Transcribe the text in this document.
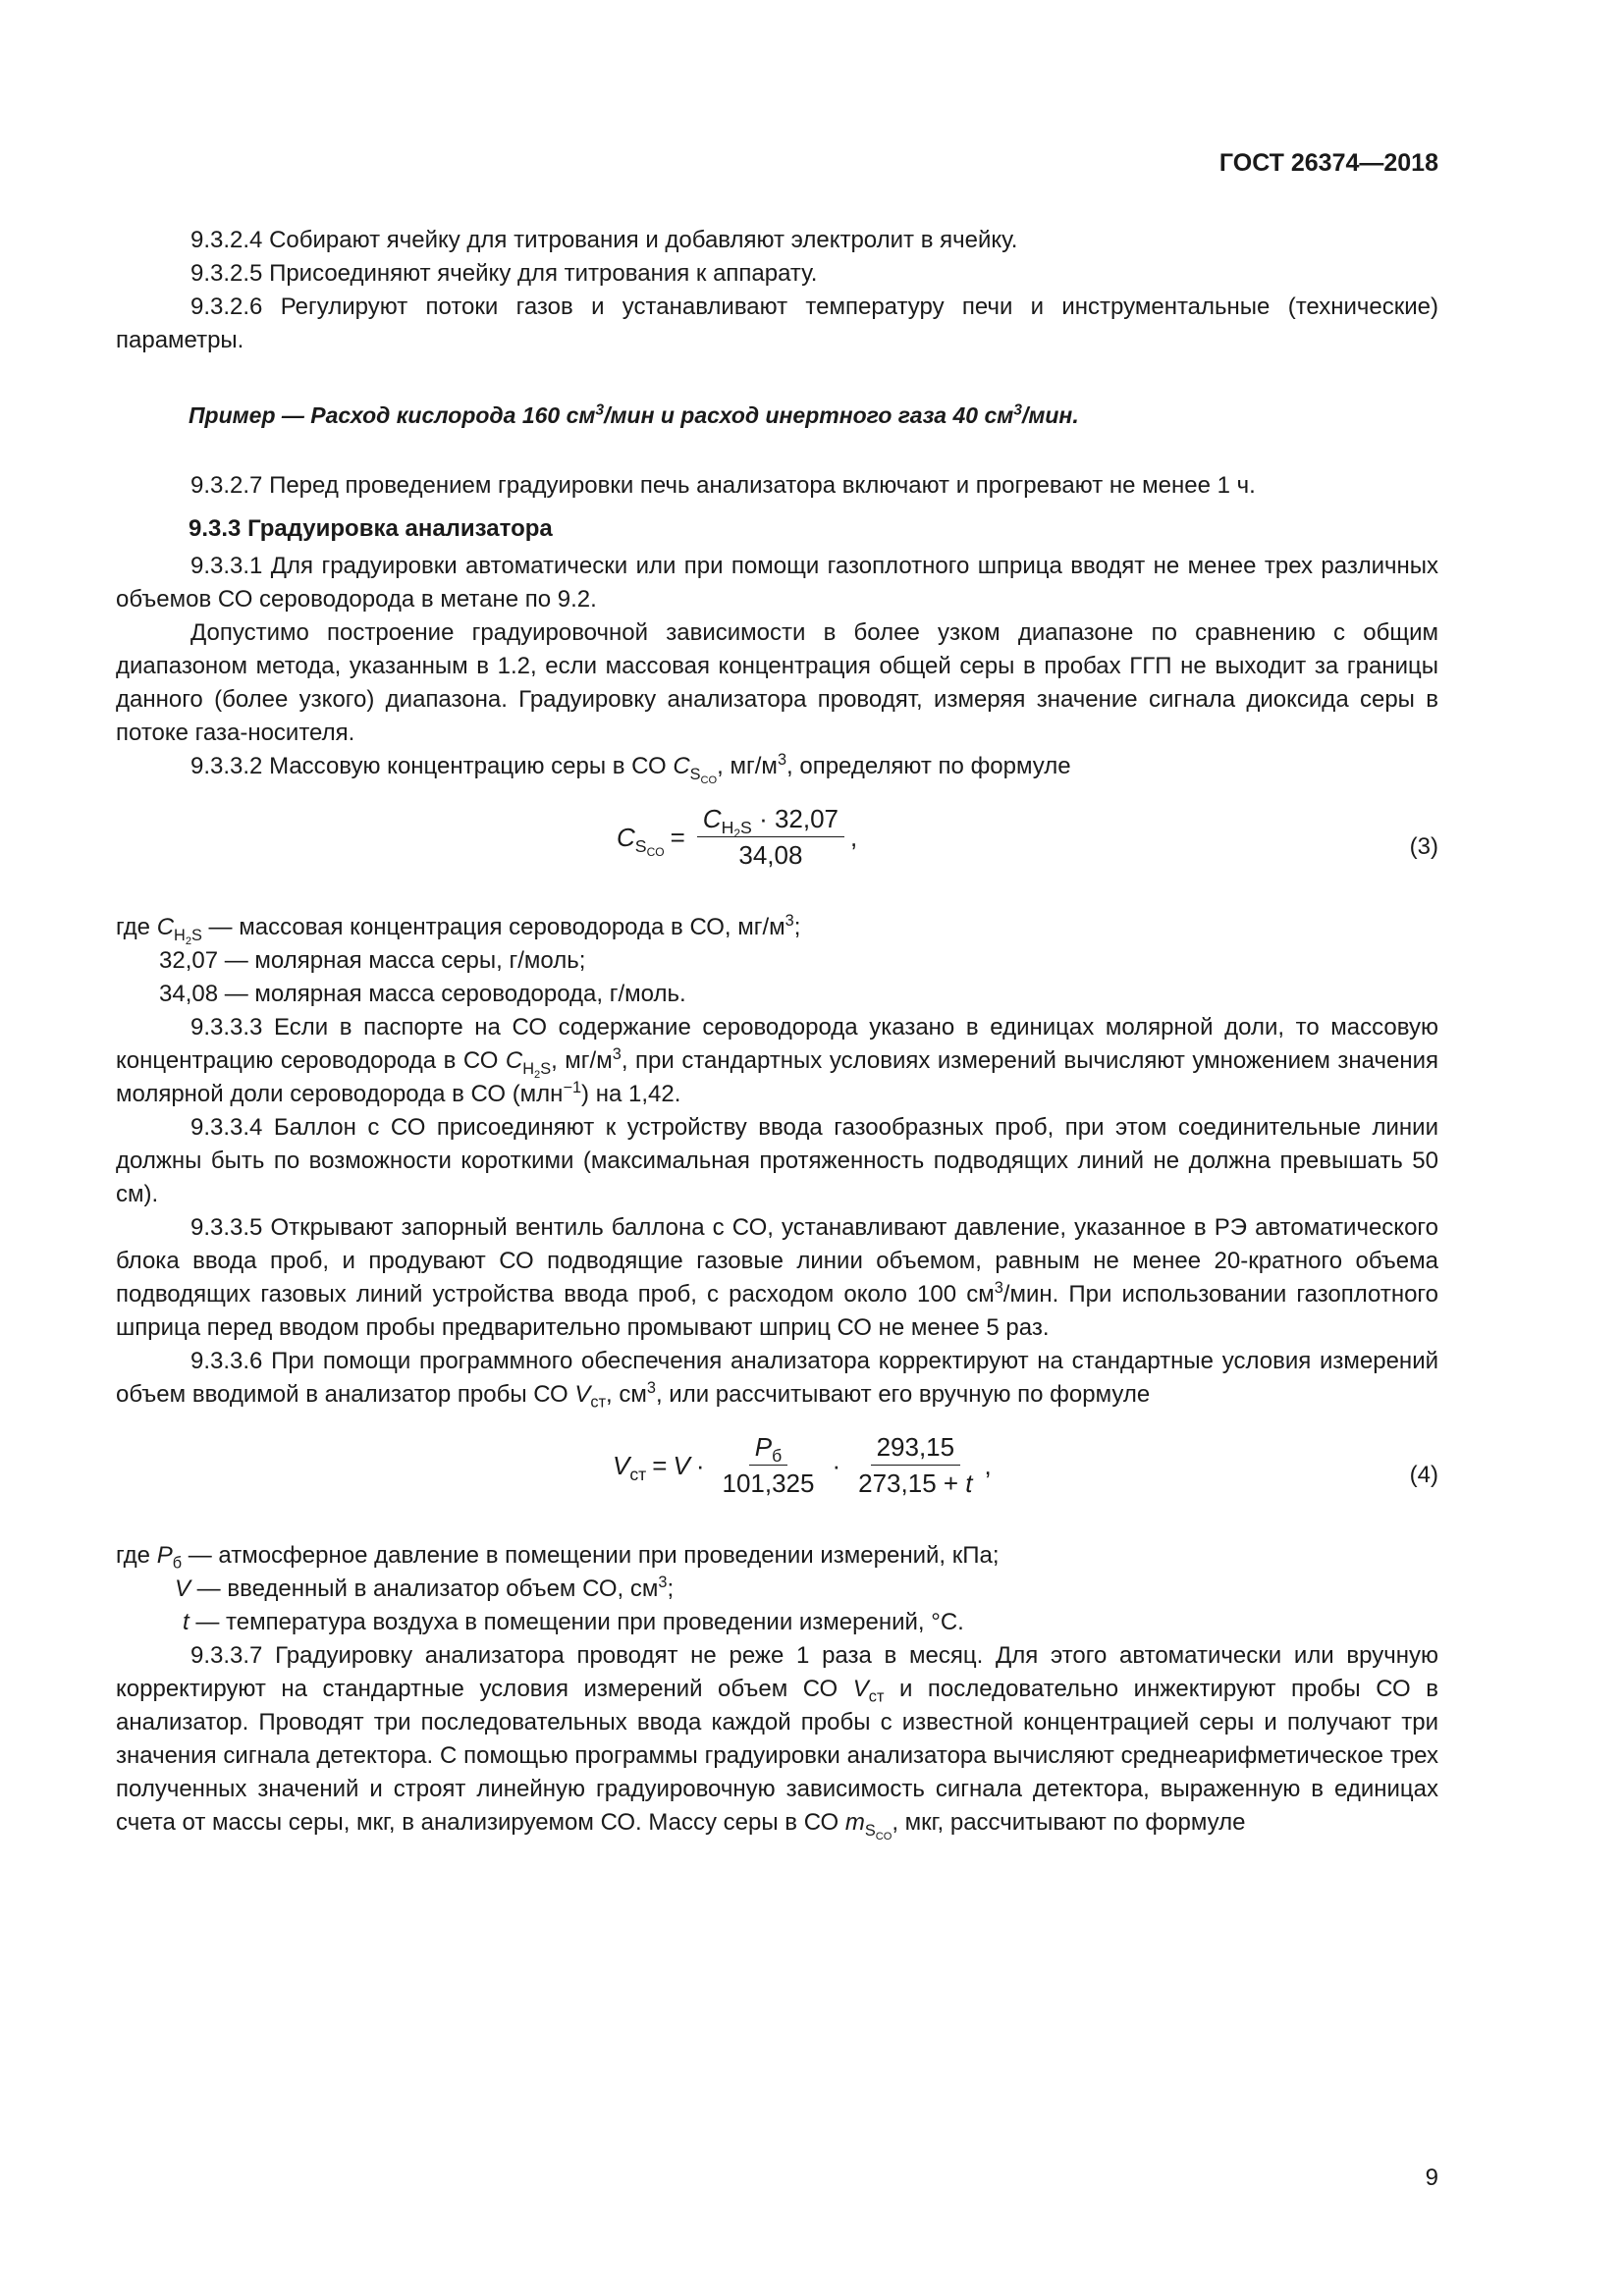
ГОСТ 26374—2018

9.3.2.4 Собирают ячейку для титрования и добавляют электролит в ячейку.

9.3.2.5 Присоединяют ячейку для титрования к аппарату.

9.3.2.6 Регулируют потоки газов и устанавливают температуру печи и инструментальные (технические) параметры.

Пример — Расход кислорода 160 $см^3$/мин и расход инертного газа 40 $см^3$/мин.

9.3.2.7 Перед проведением градуировки печь анализатора включают и прогревают не менее 1 ч.

9.3.3 Градуировка анализатора

9.3.3.1 Для градуировки автоматически или при помощи газоплотного шприца вводят не менее трех различных объемов СО сероводорода в метане по 9.2.

Допустимо построение градуировочной зависимости в более узком диапазоне по сравнению с общим диапазоном метода, указанным в 1.2, если массовая концентрация общей серы в пробах ГГП не выходит за границы данного (более узкого) диапазона. Градуировку анализатора проводят, измеряя значение сигнала диоксида серы в потоке газа-носителя.

9.3.3.2 Массовую концентрацию серы в СО $C_{S_{CO}}$, $мг/м^3$, определяют по формуле

$C_{S_{CO}}$
= $\frac{C_{H_2S} \cdot 32,07}{34,08}$ ,	(3)
где $C_{H_2S}$ — массовая концентрация сероводорода в СО, $мг/м^3$;
32,07 — молярная масса серы, г/моль;
34,08 — молярная масса сероводорода, г/моль.

9.3.3.3 Если в паспорте на СО содержание сероводорода указано в единицах молярной доли, то массовую концентрацию сероводорода в СО $C_{H_2S}$, $мг/м^3$, при стандартных условиях измерений вычисляют умножением значения молярной доли сероводорода в СО (млн$^{-1}$) на 1,42.

9.3.3.4 Баллон с СО присоединяют к устройству ввода газообразных проб, при этом соединительные линии должны быть по возможности короткими (максимальная протяженность подводящих линий не должна превышать 50 см).

9.3.3.5 Открывают запорный вентиль баллона с СО, устанавливают давление, указанное в РЭ автоматического блока ввода проб, и продувают СО подводящие газовые линии объемом, равным не менее 20-кратного объема подводящих газовых линий устройства ввода проб, с расходом около 100 $см^3$/мин. При использовании газоплотного шприца перед вводом пробы предварительно промывают шприц СО не менее 5 раз.

9.3.3.6 При помощи программного обеспечения анализатора корректируют на стандартные условия измерений объем вводимой в анализатор пробы СО $V_{ст}$, $см^3$, или рассчитывают его вручную по формуле

$V_{ст} = V \cdot \frac{P_б}{101,325} \cdot \frac{293,15}{273,15 + t}$ ,	(4)
где $P_б$ — атмосферное давление в помещении при проведении измерений, кПа;
V — введенный в анализатор объем СО, $см^3$;
t — температура воздуха в помещении при проведении измерений, °С.

9.3.3.7 Градуировку анализатора проводят не реже 1 раза в месяц. Для этого автоматически или вручную корректируют на стандартные условия измерений объем СО $V_{ст}$ и последовательно инжектируют пробы СО в анализатор. Проводят три последовательных ввода каждой пробы с известной концентрацией серы и получают три значения сигнала детектора. С помощью программы градуировки анализатора вычисляют среднеарифметическое трех полученных значений и строят линейную градуировочную зависимость сигнала детектора, выраженную в единицах счета от массы серы, мкг, в анализируемом СО. Массу серы в СО $m_{S_{CO}}$, мкг, рассчитывают по формуле

9
